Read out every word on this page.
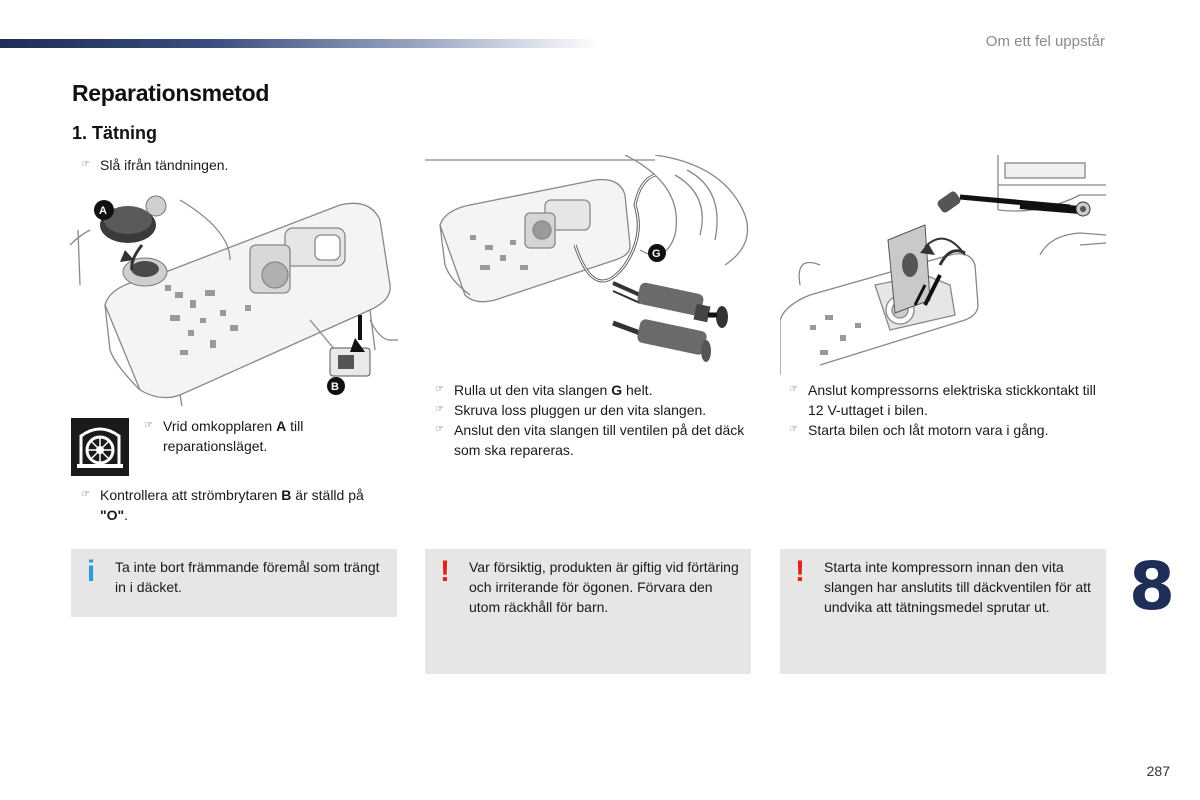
Om ett fel uppstår
Reparationsmetod
1. Tätning
☞ Slå ifrån tändningen.
A
B
☞ Vrid omkopplaren A till reparationsläget.
☞ Kontrollera att strömbrytaren B är ställd på "O".
i Ta inte bort främmande föremål som trängt in i däcket.
G
☞ Rulla ut den vita slangen G helt.
☞ Skruva loss pluggen ur den vita slangen.
☞ Anslut den vita slangen till ventilen på det däck som ska repareras.
! Var försiktig, produkten är giftig vid förtäring och irriterande för ögonen. Förvara den utom räckhåll för barn.
☞ Anslut kompressorns elektriska stickkontakt till 12 V-uttaget i bilen.
☞ Starta bilen och låt motorn vara i gång.
! Starta inte kompressorn innan den vita slangen har anslutits till däckventilen för att undvika att tätningsmedel sprutar ut.	8
287
